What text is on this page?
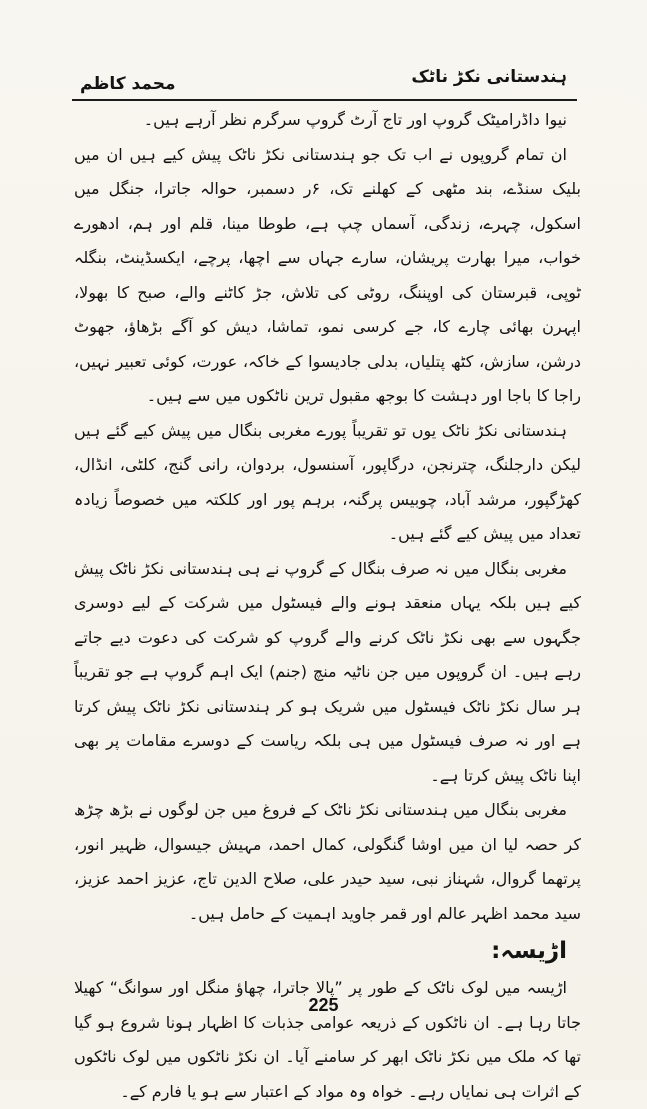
ہندستانی نکڑ ناٹک
محمد کاظم

نیوا داڈرامیٹک گروپ اور تاج آرٹ گروپ سرگرم نظر آرہے ہیں۔

ان تمام گروپوں نے اب تک جو ہندستانی نکڑ ناٹک پیش کیے ہیں ان میں بلیک سنڈے، بند مٹھی کے کھلنے تک، ۶ر دسمبر، حوالہ جاترا، جنگل میں اسکول، چہرے، زندگی، آسماں چپ ہے، طوطا مینا، قلم اور ہم، ادھورے خواب، میرا بھارت پریشان، سارے جہاں سے اچھا، پرچے، ایکسڈینٹ، بنگلہ ٹوپی، قبرستان کی اوپننگ، روٹی کی تلاش، جڑ کاٹنے والے، صبح کا بھولا، اپہرن بھائی چارے کا، جے کرسی نمو، تماشا، دیش کو آگے بڑھاؤ، جھوٹ درشن، سازش، کٹھ پتلیاں، بدلی جادیسوا کے خاکہ، عورت، کوئی تعبیر نہیں، راجا کا باجا اور دہشت کا بوجھ مقبول ترین ناٹکوں میں سے ہیں۔

ہندستانی نکڑ ناٹک یوں تو تقریباً پورے مغربی بنگال میں پیش کیے گئے ہیں لیکن دارجلنگ، چترنجن، درگاپور، آسنسول، بردوان، رانی گنج، کلٹی، انڈال، کھڑگپور، مرشد آباد، چوبیس پرگنہ، برہم پور اور کلکتہ میں خصوصاً زیادہ تعداد میں پیش کیے گئے ہیں۔

مغربی بنگال میں نہ صرف بنگال کے گروپ نے ہی ہندستانی نکڑ ناٹک پیش کیے ہیں بلکہ یہاں منعقد ہونے والے فیسٹول میں شرکت کے لیے دوسری جگہوں سے بھی نکڑ ناٹک کرنے والے گروپ کو شرکت کی دعوت دیے جاتے رہے ہیں۔ ان گروپوں میں جن ناٹیہ منچ (جنم) ایک اہم گروپ ہے جو تقریباً ہر سال نکڑ ناٹک فیسٹول میں شریک ہو کر ہندستانی نکڑ ناٹک پیش کرتا ہے اور نہ صرف فیسٹول میں ہی بلکہ ریاست کے دوسرے مقامات پر بھی اپنا ناٹک پیش کرتا ہے۔

مغربی بنگال میں ہندستانی نکڑ ناٹک کے فروغ میں جن لوگوں نے بڑھ چڑھ کر حصہ لیا ان میں اوشا گنگولی، کمال احمد، مہیش جیسوال، ظہیر انور، پرتھما گروال، شہناز نبی، سید حیدر علی، صلاح الدین تاج، عزیز احمد عزیز، سید محمد اظہر عالم اور قمر جاوید اہمیت کے حامل ہیں۔

اڑیسہ:

اڑیسہ میں لوک ناٹک کے طور پر ”پالا جاترا، چھاؤ منگل اور سوانگ“ کھیلا جاتا رہا ہے۔ ان ناٹکوں کے ذریعہ عوامی جذبات کا اظہار ہونا شروع ہو گیا تھا کہ ملک میں نکڑ ناٹک ابھر کر سامنے آیا۔ ان نکڑ ناٹکوں میں لوک ناٹکوں کے اثرات ہی نمایاں رہے۔ خواہ وہ مواد کے اعتبار سے ہو یا فارم کے۔

225
